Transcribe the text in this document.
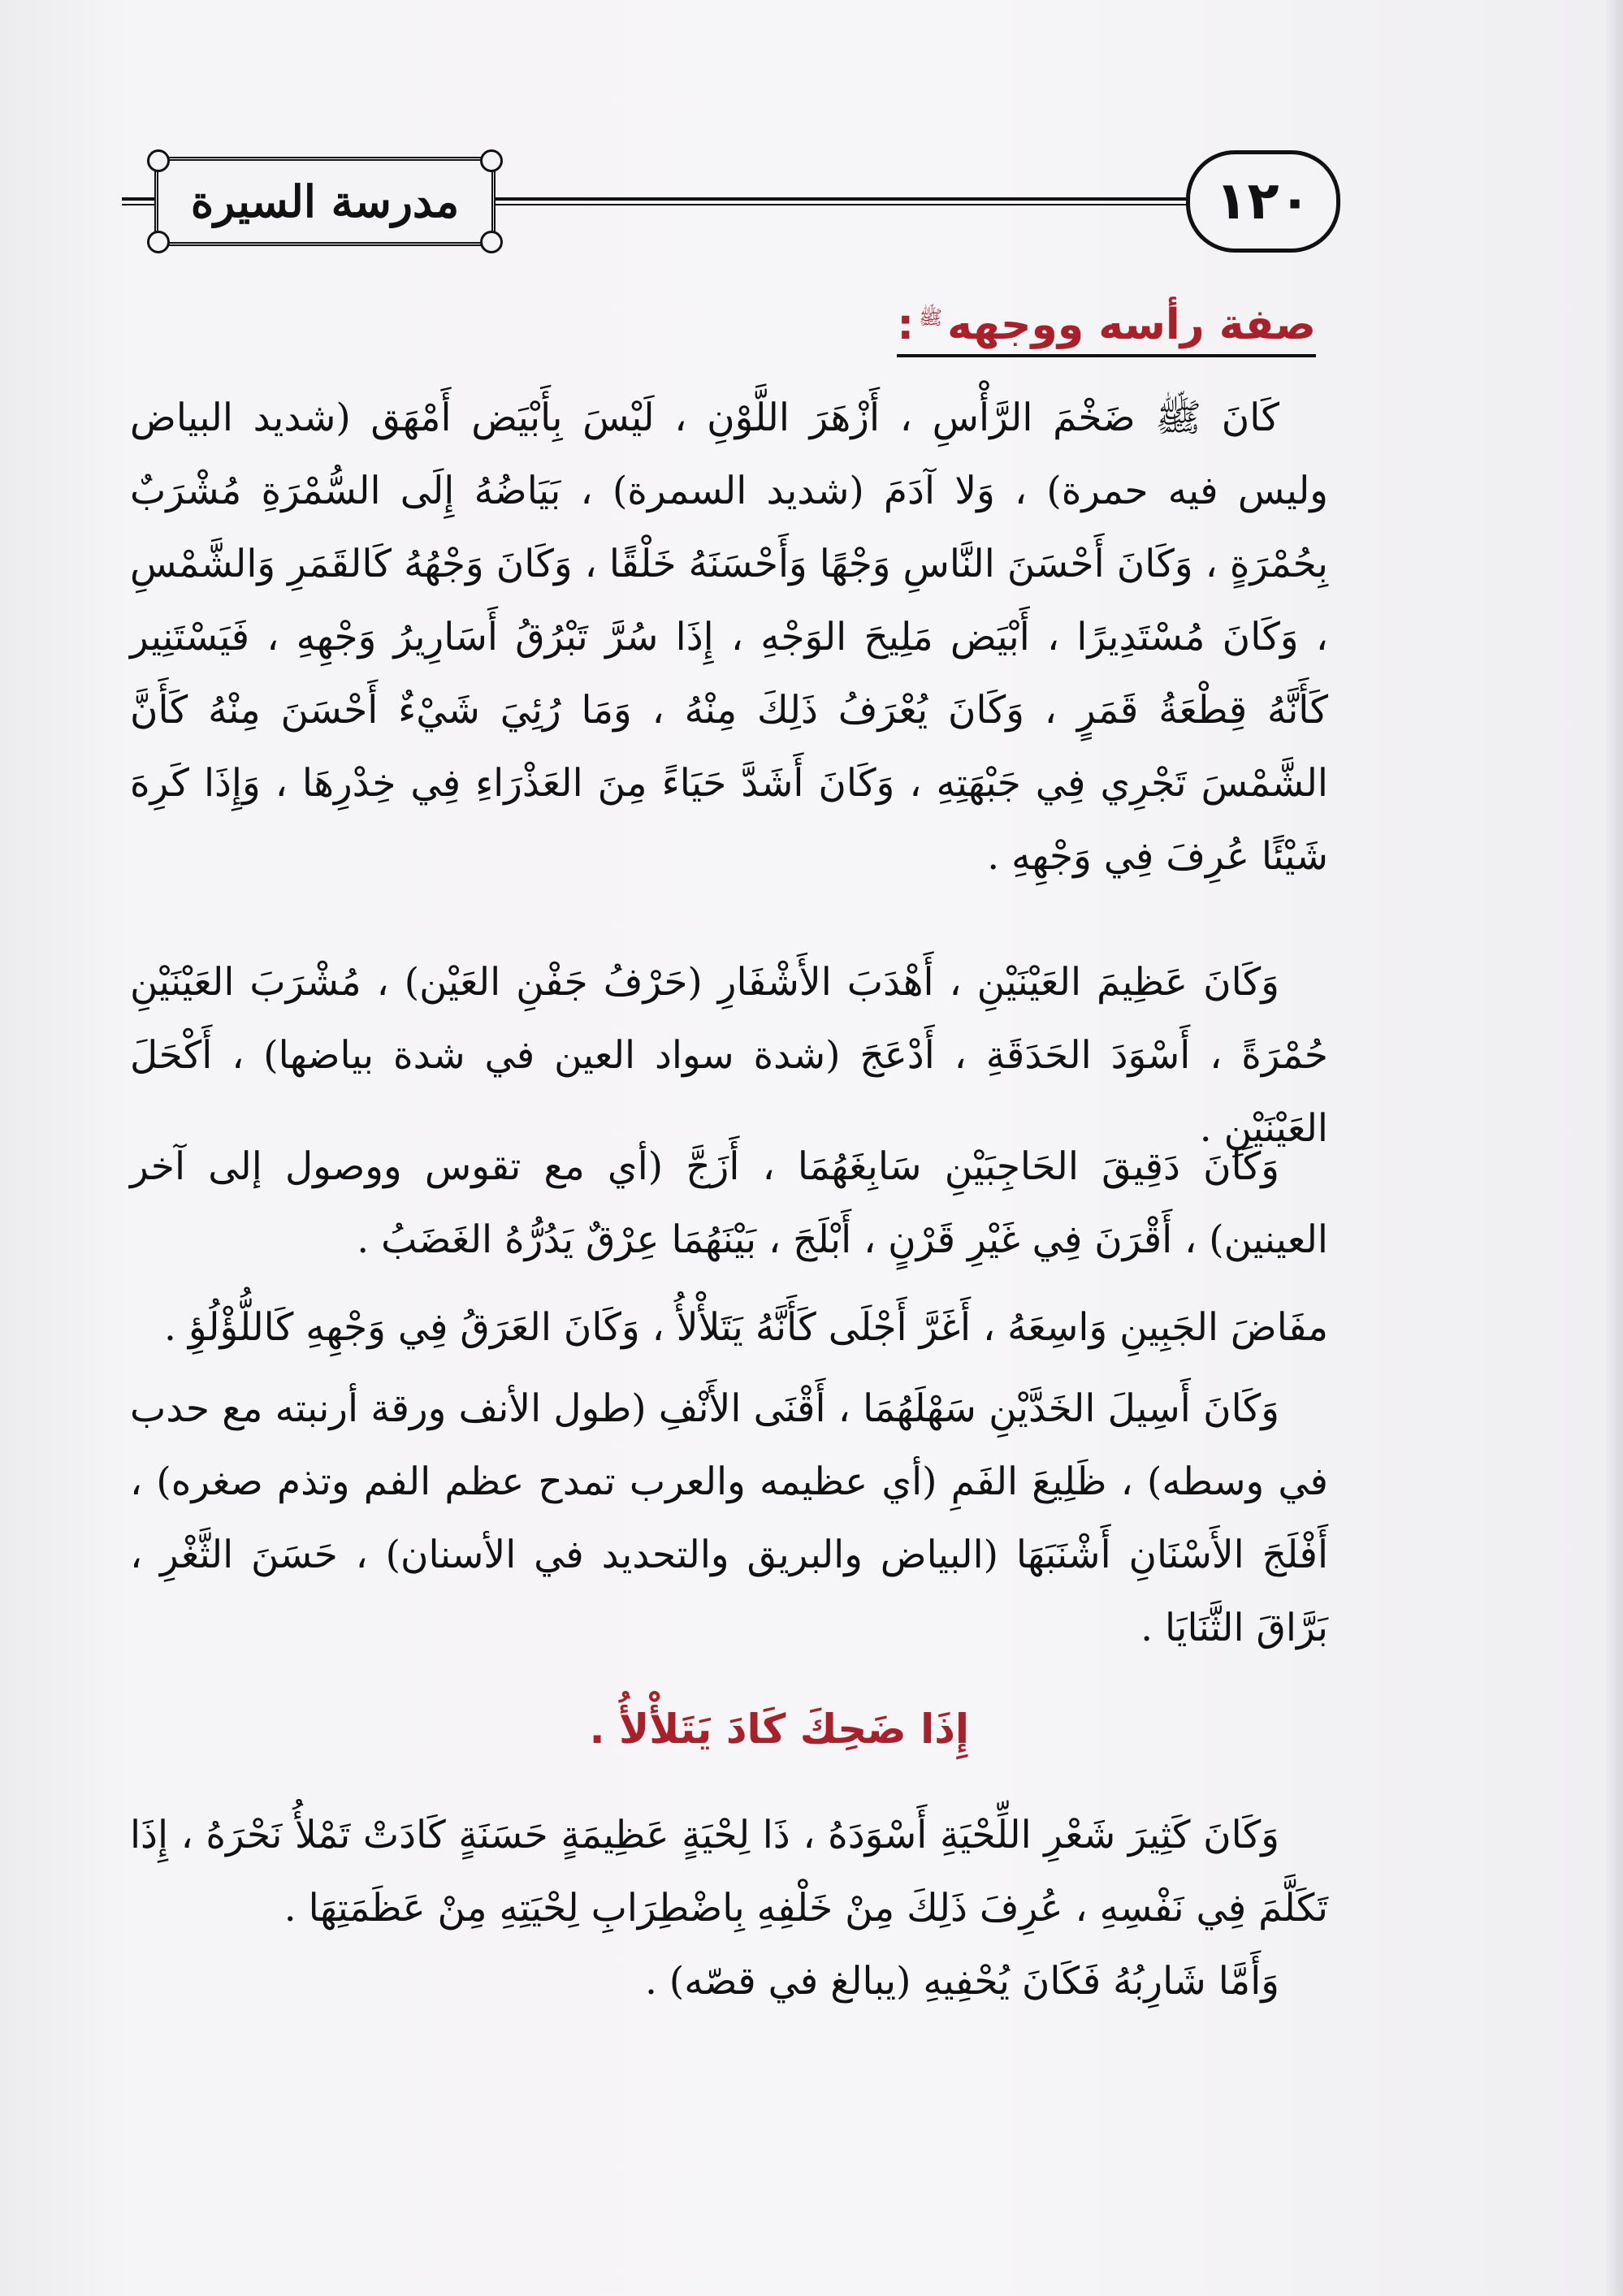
مدرسة السيرة	١٢٠
صفة رأسه ووجههﷺ:

كَانَ ﷺ ضَخْمَ الرَّأْسِ ، أَزْهَرَ اللَّوْنِ ، لَيْسَ بِأَبْيَض أَمْهَق (شديد البياض وليس فيه حمرة) ، وَلا آدَمَ (شديد السمرة) ، بَيَاضُهُ إِلَى السُّمْرَةِ مُشْرَبٌ بِحُمْرَةٍ ، وَكَانَ أَحْسَنَ النَّاسِ وَجْهًا وَأَحْسَنَهُ خَلْقًا ، وَكَانَ وَجْهُهُ كَالقَمَرِ وَالشَّمْسِ ، وَكَانَ مُسْتَدِيرًا ، أَبْيَض مَلِيحَ الوَجْهِ ، إِذَا سُرَّ تَبْرُقُ أَسَارِيرُ وَجْهِهِ ، فَيَسْتَنِير كَأَنَّهُ قِطْعَةُ قَمَرٍ ، وَكَانَ يُعْرَفُ ذَلِكَ مِنْهُ ، وَمَا رُئِيَ شَيْءٌ أَحْسَنَ مِنْهُ كَأَنَّ الشَّمْسَ تَجْرِي فِي جَبْهَتِهِ ، وَكَانَ أَشَدَّ حَيَاءً مِنَ العَذْرَاءِ فِي خِدْرِهَا ، وَإِذَا كَرِهَ شَيْئًا عُرِفَ فِي وَجْهِهِ .

وَكَانَ عَظِيمَ العَيْنَيْنِ ، أَهْدَبَ الأَشْفَارِ (حَرْفُ جَفْنِ العَيْن) ، مُشْرَبَ العَيْنَيْنِ حُمْرَةً ، أَسْوَدَ الحَدَقَةِ ، أَدْعَجَ (شدة سواد العين في شدة بياضها) ، أَكْحَلَ العَيْنَيْنِ .

وَكَانَ دَقِيقَ الحَاجِبَيْنِ سَابِغَهُمَا ، أَزَجَّ (أي مع تقوس ووصول إلى آخر العينين) ، أَقْرَنَ فِي غَيْرِ قَرْنٍ ، أَبْلَجَ ، بَيْنَهُمَا عِرْقٌ يَدُرُّهُ الغَضَبُ .

مفَاضَ الجَبِينِ وَاسِعَهُ ، أَغَرَّ أَجْلَى كَأَنَّهُ يَتَلأْلأُ ، وَكَانَ العَرَقُ فِي وَجْهِهِ كَاللُّؤْلُؤِ .

وَكَانَ أَسِيلَ الخَدَّيْنِ سَهْلَهُمَا ، أَقْنَى الأَنْفِ (طول الأنف ورقة أرنبته مع حدب في وسطه) ، ظَلِيعَ الفَمِ (أي عظيمه والعرب تمدح عظم الفم وتذم صغره) ، أَفْلَجَ الأَسْنَانِ أَشْنَبَهَا (البياض والبريق والتحديد في الأسنان) ، حَسَنَ الثَّغْرِ ، بَرَّاقَ الثَّنَايَا .

إِذَا ضَحِكَ كَادَ يَتَلأْلأُ .

وَكَانَ كَثِيرَ شَعْرِ اللِّحْيَةِ أَسْوَدَهُ ، ذَا لِحْيَةٍ عَظِيمَةٍ حَسَنَةٍ كَادَتْ تَمْلأُ نَحْرَهُ ، إِذَا تَكَلَّمَ فِي نَفْسِهِ ، عُرِفَ ذَلِكَ مِنْ خَلْفِهِ بِاضْطِرَابِ لِحْيَتِهِ مِنْ عَظَمَتِهَا .

وَأَمَّا شَارِبُهُ فَكَانَ يُحْفِيهِ (يبالغ في قصّه) .
